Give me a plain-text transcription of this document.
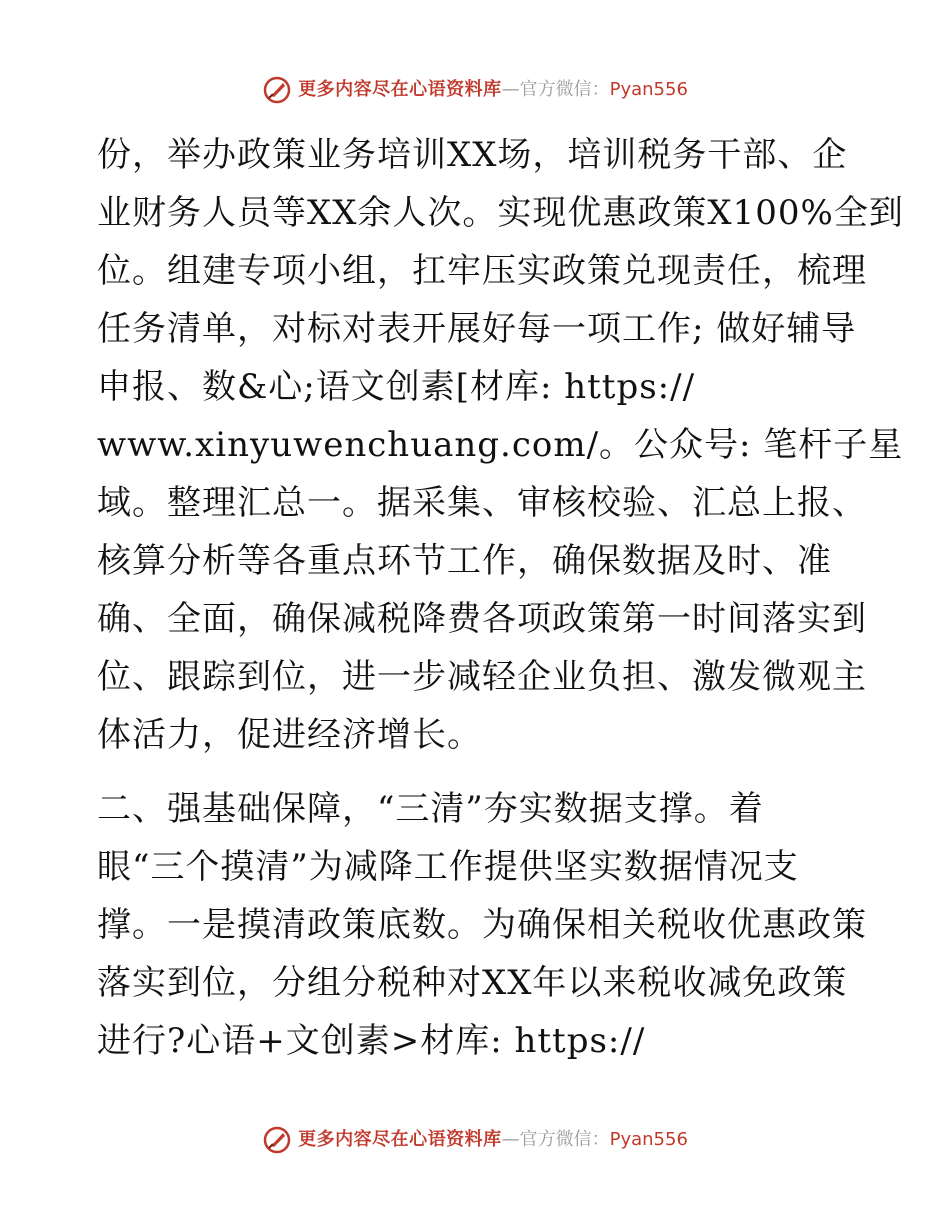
更多内容尽在心语资料库 — 官方微信： Pyan556
份，举办政策业务培训XX场，培训税务干部、企
业财务人员等XX余人次。实现优惠政策X100%全到
位。组建专项小组，扛牢压实政策兑现责任，梳理
任务清单，对标对表开展好每一项工作; 做好辅导
申报、数&心;语文创素[材库: https://
www.xinyuwenchuang.com/。公众号: 笔杆子星
域。整理汇总一。据采集、审核校验、汇总上报、
核算分析等各重点环节工作，确保数据及时、准
确、全面，确保减税降费各项政策第一时间落实到
位、跟踪到位，进一步减轻企业负担、激发微观主
体活力，促进经济增长。
二、强基础保障，“三清”夯实数据支撑。着
眼“三个摸清”为减降工作提供坚实数据情况支
撑。一是摸清政策底数。为确保相关税收优惠政策
落实到位，分组分税种对XX年以来税收减免政策
进行?心语+文创素>材库: https://
更多内容尽在心语资料库 — 官方微信： Pyan556
